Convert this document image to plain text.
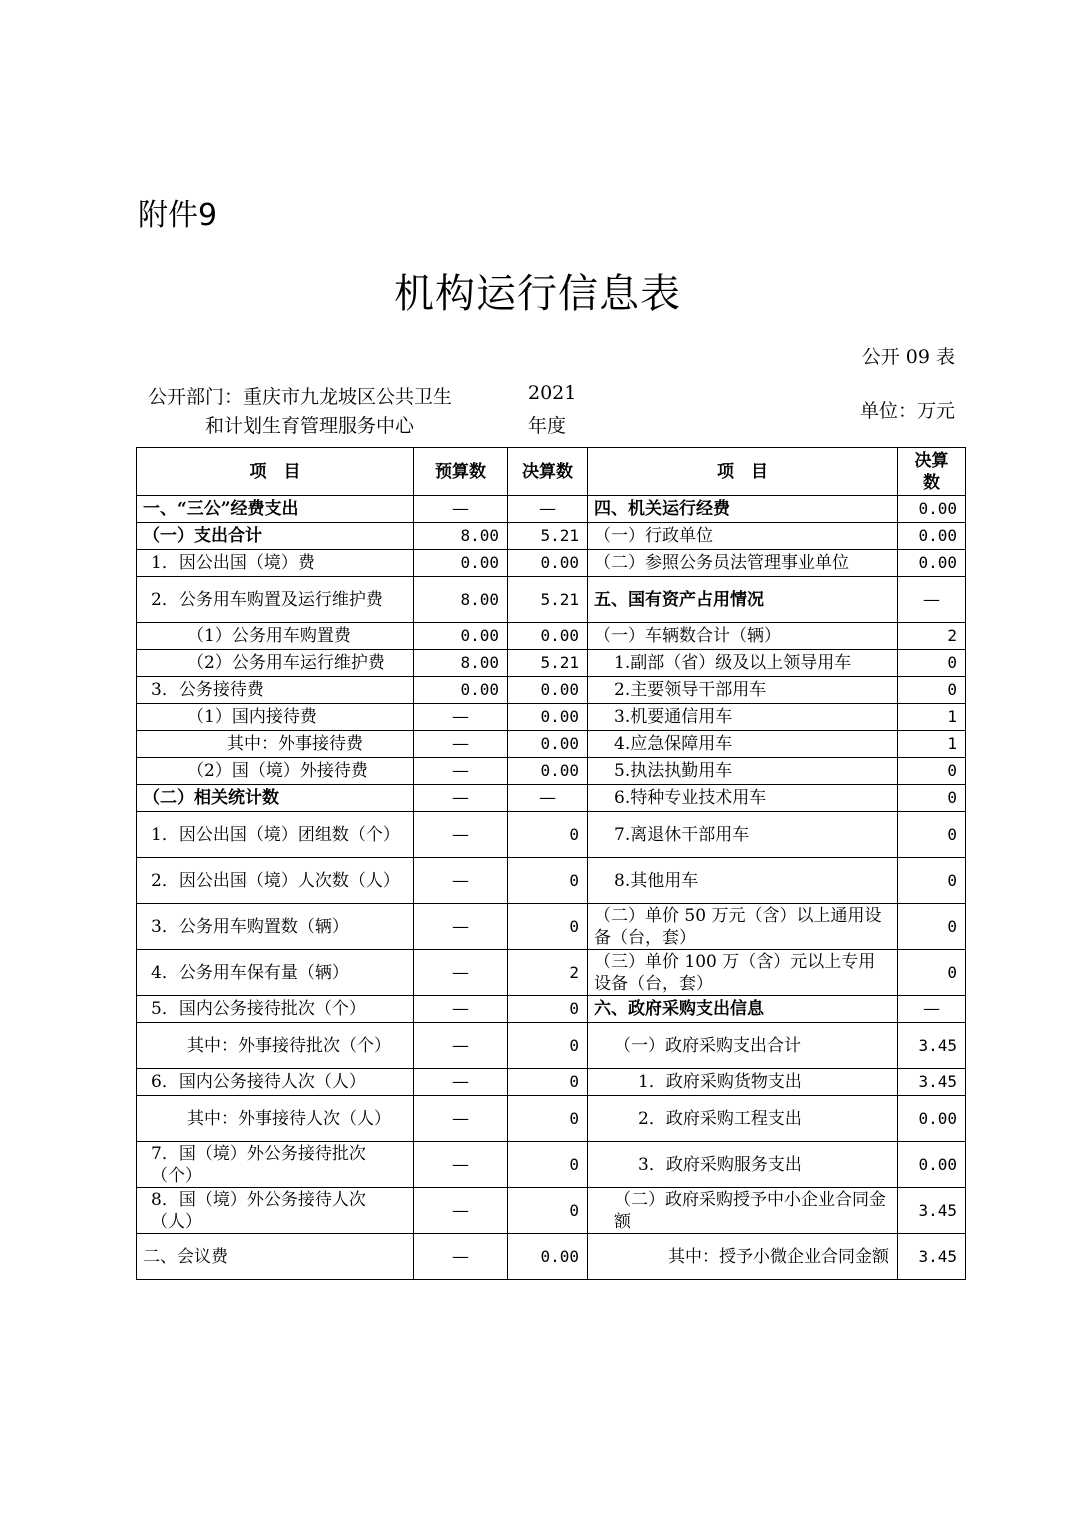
附件9
机构运行信息表
公开 09 表
公开部门：重庆市九龙坡区公共卫生
和计划生育管理服务中心
2021
年度
单位：万元
项　目	预算数	决算数	项　目	决算数
一、“三公”经费支出	—	—	四、机关运行经费	0.00
（一）支出合计	8.00	5.21	（一）行政单位	0.00
1．因公出国（境）费	0.00	0.00	（二）参照公务员法管理事业单位	0.00
2．公务用车购置及运行维护费	8.00	5.21	五、国有资产占用情况	—
（1）公务用车购置费	0.00	0.00	（一）车辆数合计（辆）	2
（2）公务用车运行维护费	8.00	5.21	1.副部（省）级及以上领导用车	0
3．公务接待费	0.00	0.00	2.主要领导干部用车	0
（1）国内接待费	—	0.00	3.机要通信用车	1
其中：外事接待费	—	0.00	4.应急保障用车	1
（2）国（境）外接待费	—	0.00	5.执法执勤用车	0
（二）相关统计数	—	—	6.特种专业技术用车	0
1．因公出国（境）团组数（个）	—	0	7.离退休干部用车	0
2．因公出国（境）人次数（人）	—	0	8.其他用车	0
3．公务用车购置数（辆）	—	0	（二）单价 50 万元（含）以上通用设备（台，套）	0
4．公务用车保有量（辆）	—	2	（三）单价 100 万（含）元以上专用设备（台，套）	0
5．国内公务接待批次（个）	—	0	六、政府采购支出信息	—
其中：外事接待批次（个）	—	0	（一）政府采购支出合计	3.45
6．国内公务接待人次（人）	—	0	1．政府采购货物支出	3.45
其中：外事接待人次（人）	—	0	2．政府采购工程支出	0.00
7．国（境）外公务接待批次（个）	—	0	3．政府采购服务支出	0.00
8．国（境）外公务接待人次（人）	—	0	（二）政府采购授予中小企业合同金额	3.45
二、会议费	—	0.00	其中：授予小微企业合同金额	3.45
